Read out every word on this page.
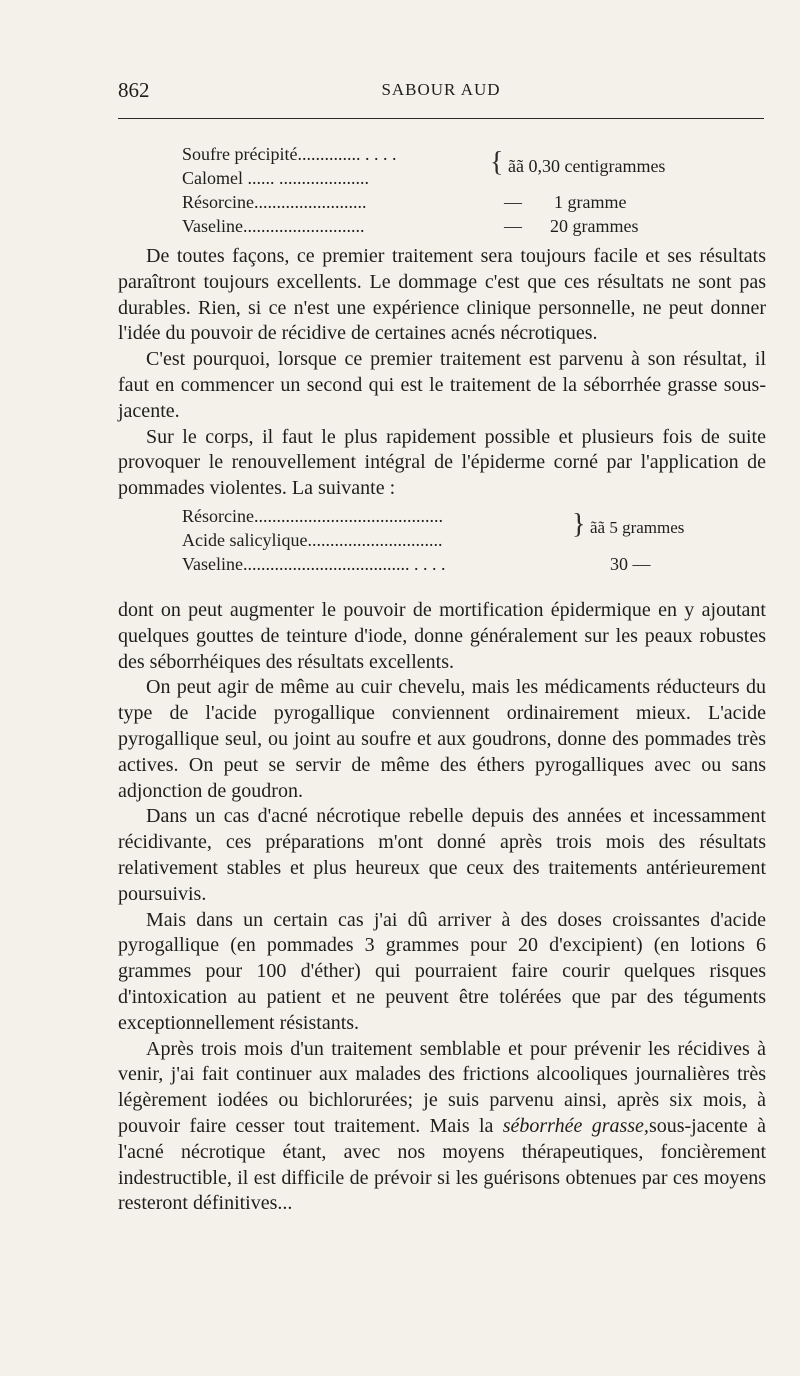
862	SABOUR AUD
Soufre précipité.............. . . . .
Calomel ...... ....................	{ ãã 0,30 centigrammes
Résorcine.........................	— 1 gramme
Vaseline...........................	— 20 grammes

De toutes façons, ce premier traitement sera toujours facile et ses résultats paraîtront toujours excellents. Le dommage c'est que ces résultats ne sont pas durables. Rien, si ce n'est une expérience clinique personnelle, ne peut donner l'idée du pouvoir de récidive de certaines acnés nécrotiques.

C'est pourquoi, lorsque ce premier traitement est parvenu à son résultat, il faut en commencer un second qui est le traitement de la séborrhée grasse sous-jacente.

Sur le corps, il faut le plus rapidement possible et plusieurs fois de suite provoquer le renouvellement intégral de l'épiderme corné par l'application de pommades violentes. La suivante :

Résorcine..........................................
Acide salicylique..............................	} ãã 5 grammes
Vaseline..................................... . . . .	30 —

dont on peut augmenter le pouvoir de mortification épidermique en y ajoutant quelques gouttes de teinture d'iode, donne généralement sur les peaux robustes des séborrhéiques des résultats excellents.

On peut agir de même au cuir chevelu, mais les médicaments réducteurs du type de l'acide pyrogallique conviennent ordinairement mieux. L'acide pyrogallique seul, ou joint au soufre et aux goudrons, donne des pommades très actives. On peut se servir de même des éthers pyrogalliques avec ou sans adjonction de goudron.

Dans un cas d'acné nécrotique rebelle depuis des années et incessamment récidivante, ces préparations m'ont donné après trois mois des résultats relativement stables et plus heureux que ceux des traitements antérieurement poursuivis.

Mais dans un certain cas j'ai dû arriver à des doses croissantes d'acide pyrogallique (en pommades 3 grammes pour 20 d'excipient) (en lotions 6 grammes pour 100 d'éther) qui pourraient faire courir quelques risques d'intoxication au patient et ne peuvent être tolérées que par des téguments exceptionnellement résistants.

Après trois mois d'un traitement semblable et pour prévenir les récidives à venir, j'ai fait continuer aux malades des frictions alcooliques journalières très légèrement iodées ou bichlorurées; je suis parvenu ainsi, après six mois, à pouvoir faire cesser tout traitement. Mais la séborrhée grasse,sous-jacente à l'acné nécrotique étant, avec nos moyens thérapeutiques, foncièrement indestructible, il est difficile de prévoir si les guérisons obtenues par ces moyens resteront définitives...
